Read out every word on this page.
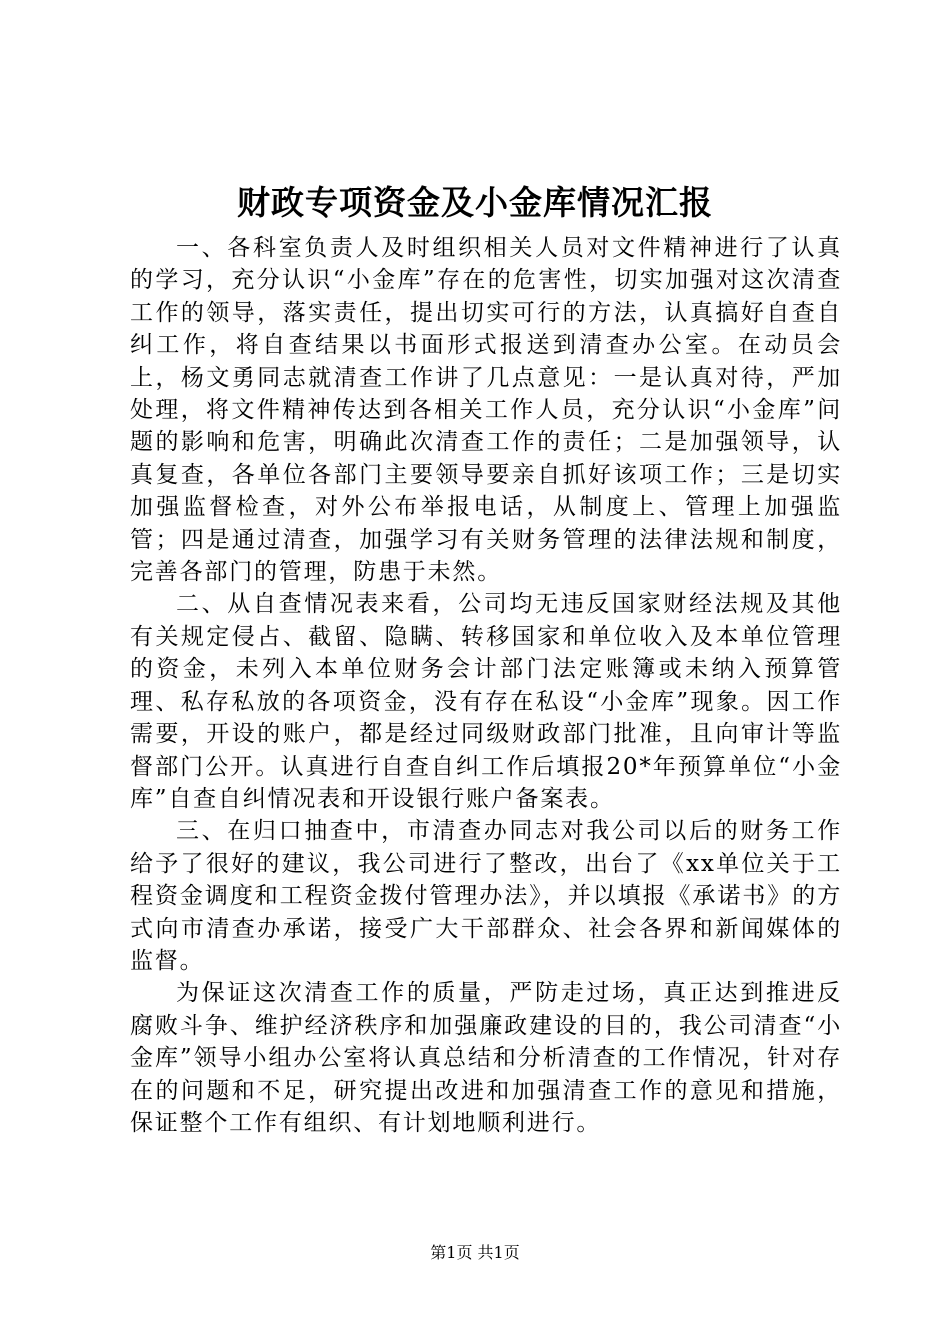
财政专项资金及小金库情况汇报

一、各科室负责人及时组织相关人员对文件精神进行了认真的学习，充分认识“小金库”存在的危害性，切实加强对这次清查工作的领导，落实责任，提出切实可行的方法，认真搞好自查自纠工作，将自查结果以书面形式报送到清查办公室。在动员会上，杨文勇同志就清查工作讲了几点意见：一是认真对待，严加处理，将文件精神传达到各相关工作人员，充分认识“小金库”问题的影响和危害，明确此次清查工作的责任；二是加强领导，认真复查，各单位各部门主要领导要亲自抓好该项工作；三是切实加强监督检查，对外公布举报电话，从制度上、管理上加强监管；四是通过清查，加强学习有关财务管理的法律法规和制度，完善各部门的管理，防患于未然。

二、从自查情况表来看，公司均无违反国家财经法规及其他有关规定侵占、截留、隐瞒、转移国家和单位收入及本单位管理的资金，未列入本单位财务会计部门法定账簿或未纳入预算管理、私存私放的各项资金，没有存在私设“小金库”现象。因工作需要，开设的账户，都是经过同级财政部门批准，且向审计等监督部门公开。认真进行自查自纠工作后填报20*年预算单位“小金库”自查自纠情况表和开设银行账户备案表。

三、在归口抽查中，市清查办同志对我公司以后的财务工作给予了很好的建议，我公司进行了整改，出台了《xx单位关于工程资金调度和工程资金拨付管理办法》，并以填报《承诺书》的方式向市清查办承诺，接受广大干部群众、社会各界和新闻媒体的监督。

为保证这次清查工作的质量，严防走过场，真正达到推进反腐败斗争、维护经济秩序和加强廉政建设的目的，我公司清查“小金库”领导小组办公室将认真总结和分析清查的工作情况，针对存在的问题和不足，研究提出改进和加强清查工作的意见和措施，保证整个工作有组织、有计划地顺利进行。

第1页 共1页
